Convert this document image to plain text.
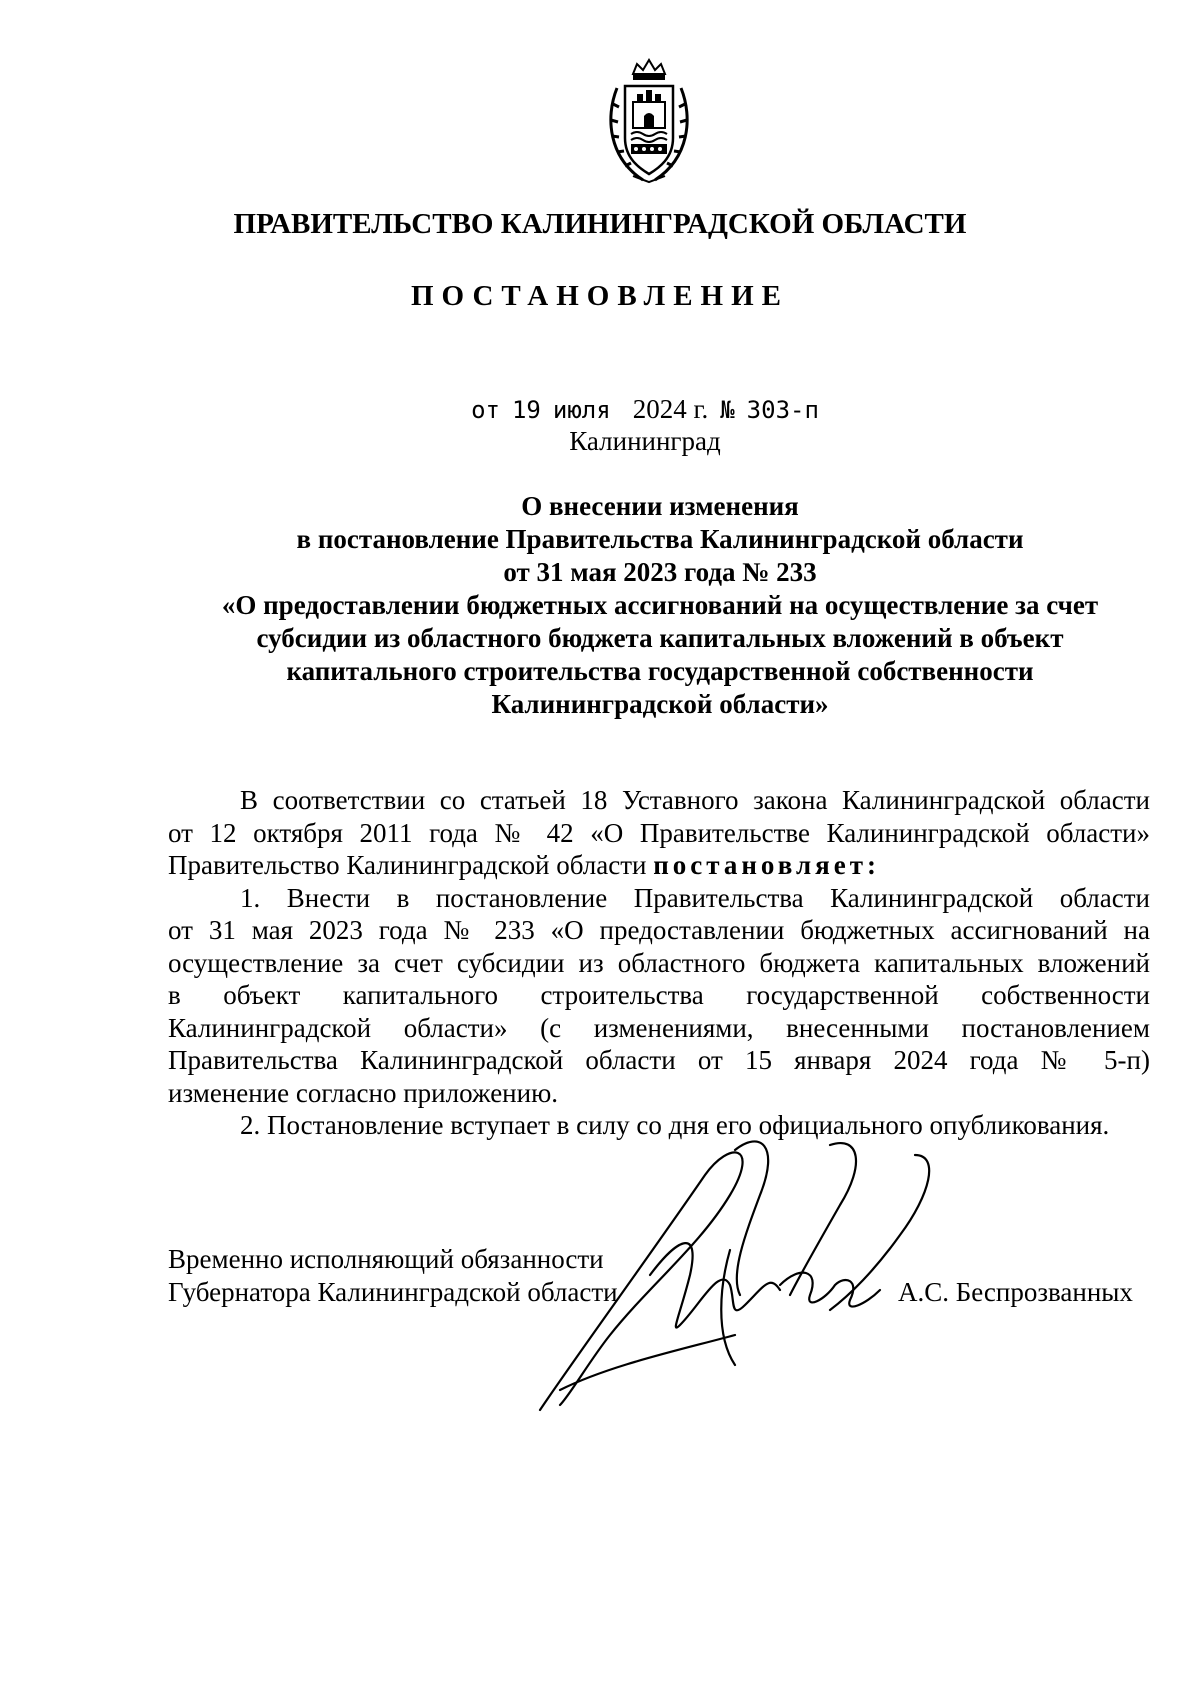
ПРАВИТЕЛЬСТВО КАЛИНИНГРАДСКОЙ ОБЛАСТИ
ПОСТАНОВЛЕНИЕ
от 19 июля 2024 г. № 303-п
Калининград
О внесении изменения
в постановление Правительства Калининградской области
от 31 мая 2023 года № 233
«О предоставлении бюджетных ассигнований на осуществление за счет
субсидии из областного бюджета капитальных вложений в объект
капитального строительства государственной собственности
Калининградской области»
В соответствии со статьей 18 Уставного закона Калининградской области
от 12 октября 2011 года № 42 «О Правительстве Калининградской области»
Правительство Калининградской области постановляет:
1. Внести в постановление Правительства Калининградской области
от 31 мая 2023 года № 233 «О предоставлении бюджетных ассигнований на
осуществление за счет субсидии из областного бюджета капитальных вложений
в объект капитального строительства государственной собственности
Калининградской области» (с изменениями, внесенными постановлением
Правительства Калининградской области от 15 января 2024 года № 5-п)
изменение согласно приложению.
2. Постановление вступает в силу со дня его официального опубликования.
Временно исполняющий обязанности
Губернатора Калининградской области	А.С. Беспрозванных
